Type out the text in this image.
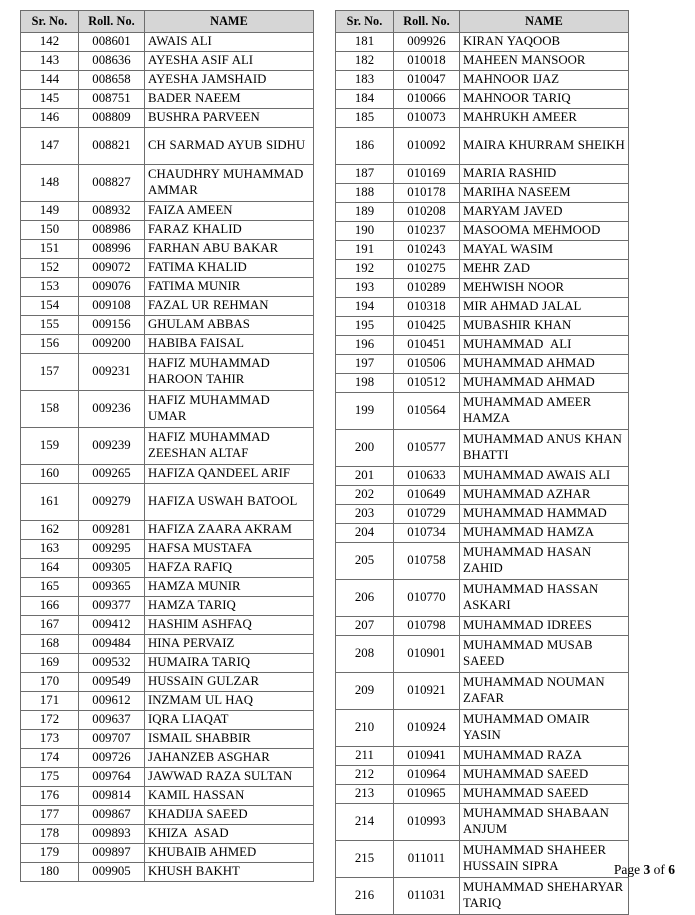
Sr. No.	Roll. No.	NAME
142	008601	AWAIS ALI
143	008636	AYESHA ASIF ALI
144	008658	AYESHA JAMSHAID
145	008751	BADER NAEEM
146	008809	BUSHRA PARVEEN
147	008821	CH SARMAD AYUB SIDHU
148	008827	CHAUDHRY MUHAMMAD AMMAR
149	008932	FAIZA AMEEN
150	008986	FARAZ KHALID
151	008996	FARHAN ABU BAKAR
152	009072	FATIMA KHALID
153	009076	FATIMA MUNIR
154	009108	FAZAL UR REHMAN
155	009156	GHULAM ABBAS
156	009200	HABIBA FAISAL
157	009231	HAFIZ MUHAMMAD HAROON TAHIR
158	009236	HAFIZ MUHAMMAD UMAR
159	009239	HAFIZ MUHAMMAD ZEESHAN ALTAF
160	009265	HAFIZA QANDEEL ARIF
161	009279	HAFIZA USWAH BATOOL
162	009281	HAFIZA ZAARA AKRAM
163	009295	HAFSA MUSTAFA
164	009305	HAFZA RAFIQ
165	009365	HAMZA MUNIR
166	009377	HAMZA TARIQ
167	009412	HASHIM ASHFAQ
168	009484	HINA PERVAIZ
169	009532	HUMAIRA TARIQ
170	009549	HUSSAIN GULZAR
171	009612	INZMAM UL HAQ
172	009637	IQRA LIAQAT
173	009707	ISMAIL SHABBIR
174	009726	JAHANZEB ASGHAR
175	009764	JAWWAD RAZA SULTAN
176	009814	KAMIL HASSAN
177	009867	KHADIJA SAEED
178	009893	KHIZA  ASAD
179	009897	KHUBAIB AHMED
180	009905	KHUSH BAKHT
Sr. No.	Roll. No.	NAME
181	009926	KIRAN YAQOOB
182	010018	MAHEEN MANSOOR
183	010047	MAHNOOR IJAZ
184	010066	MAHNOOR TARIQ
185	010073	MAHRUKH AMEER
186	010092	MAIRA KHURRAM SHEIKH
187	010169	MARIA RASHID
188	010178	MARIHA NASEEM
189	010208	MARYAM JAVED
190	010237	MASOOMA MEHMOOD
191	010243	MAYAL WASIM
192	010275	MEHR ZAD
193	010289	MEHWISH NOOR
194	010318	MIR AHMAD JALAL
195	010425	MUBASHIR KHAN
196	010451	MUHAMMAD  ALI
197	010506	MUHAMMAD AHMAD
198	010512	MUHAMMAD AHMAD
199	010564	MUHAMMAD AMEER HAMZA
200	010577	MUHAMMAD ANUS KHAN BHATTI
201	010633	MUHAMMAD AWAIS ALI
202	010649	MUHAMMAD AZHAR
203	010729	MUHAMMAD HAMMAD
204	010734	MUHAMMAD HAMZA
205	010758	MUHAMMAD HASAN ZAHID
206	010770	MUHAMMAD HASSAN ASKARI
207	010798	MUHAMMAD IDREES
208	010901	MUHAMMAD MUSAB SAEED
209	010921	MUHAMMAD NOUMAN ZAFAR
210	010924	MUHAMMAD OMAIR YASIN
211	010941	MUHAMMAD RAZA
212	010964	MUHAMMAD SAEED
213	010965	MUHAMMAD SAEED
214	010993	MUHAMMAD SHABAAN ANJUM
215	011011	MUHAMMAD SHAHEER HUSSAIN SIPRA
216	011031	MUHAMMAD SHEHARYAR  TARIQ
Page 3 of 6
